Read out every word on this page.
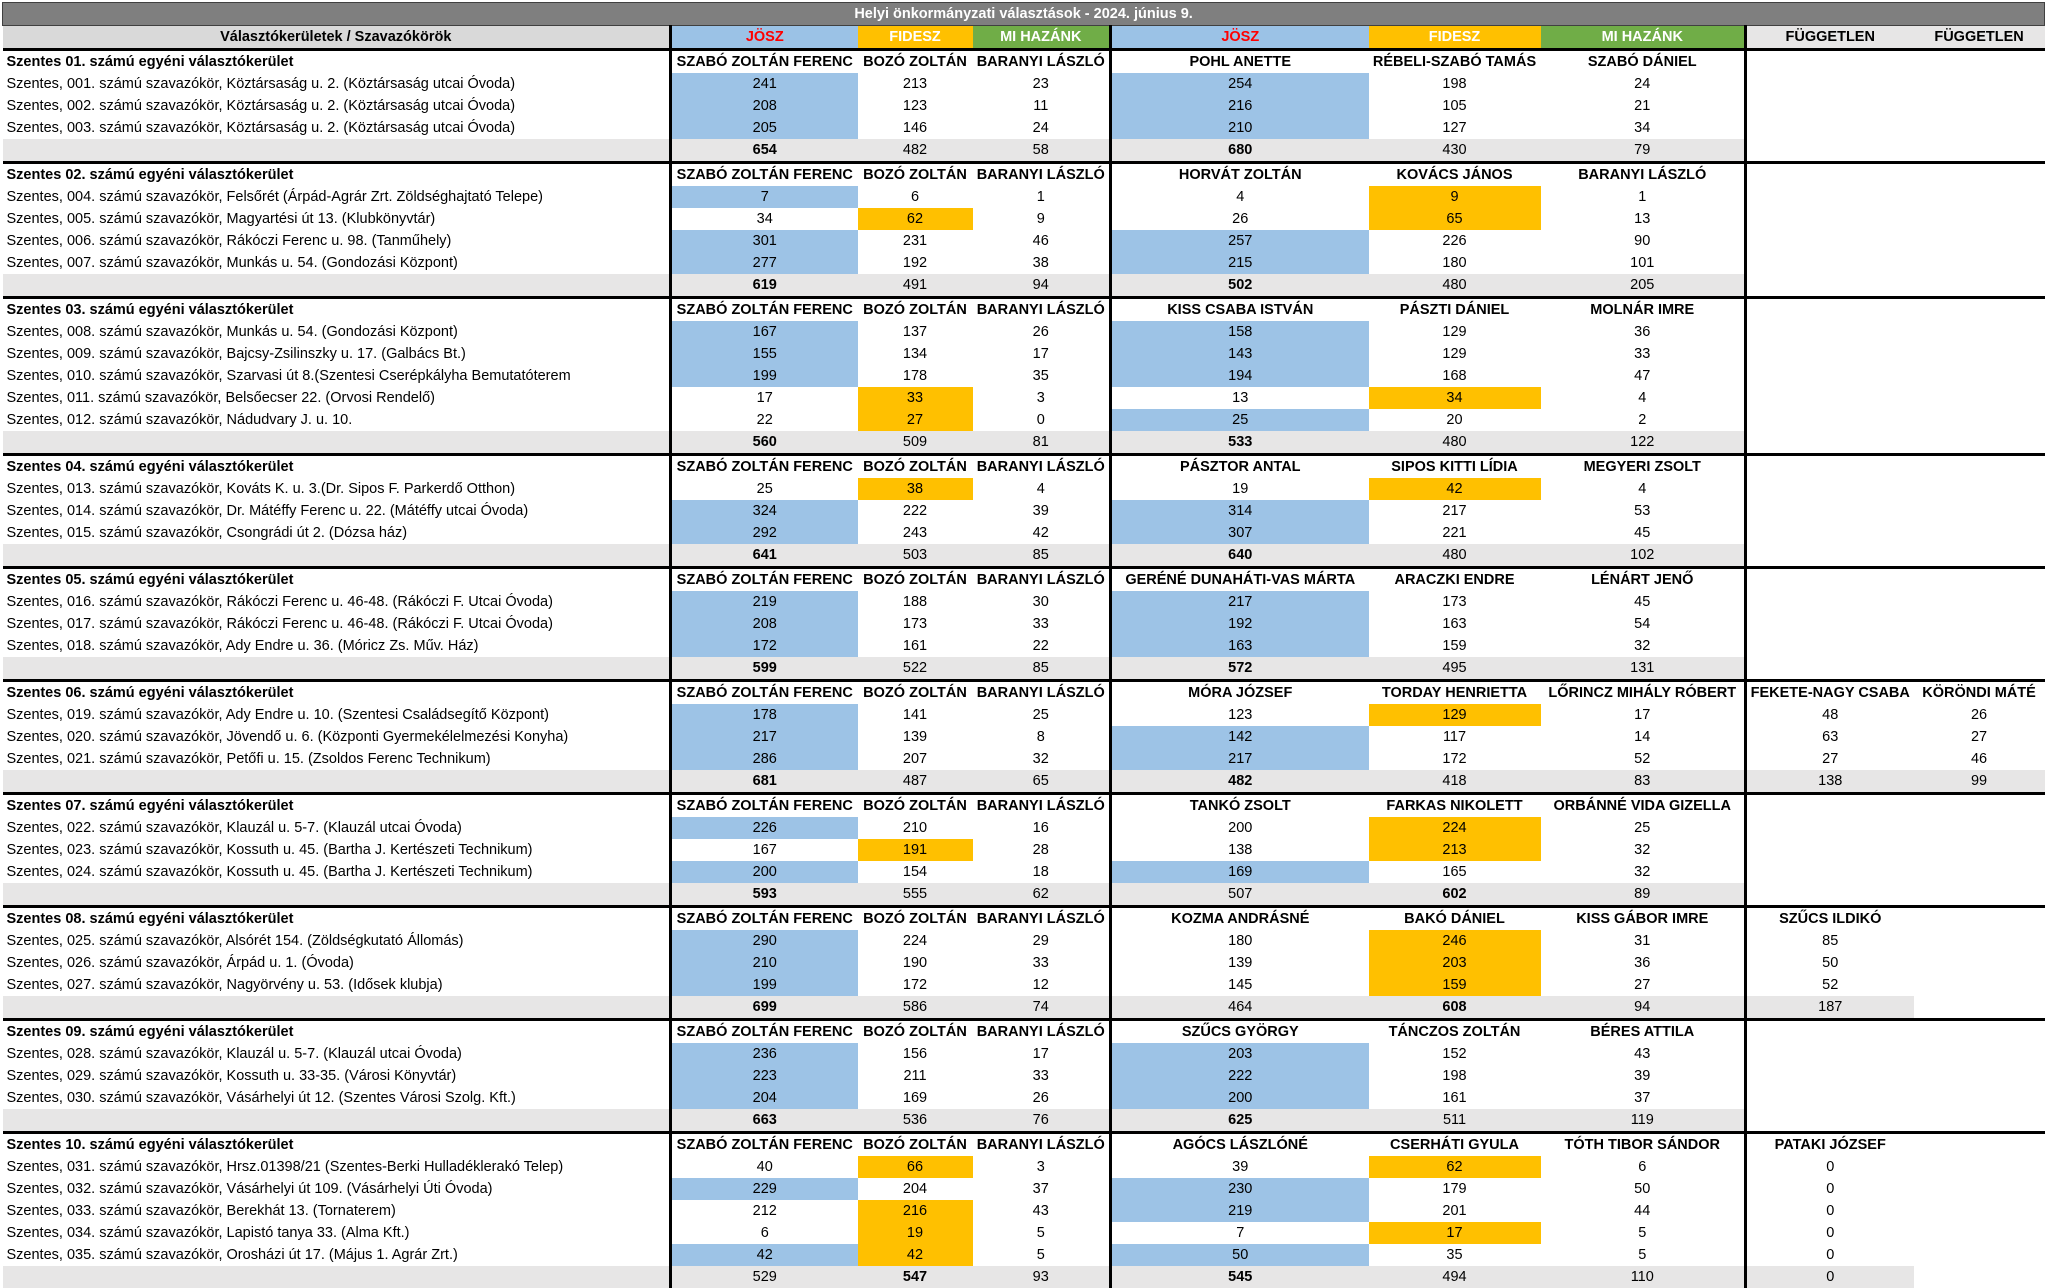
Helyi önkormányzati választások - 2024. június 9.								
Választókerületek / Szavazókörök	JÖSZ	FIDESZ	MI HAZÁNK	JÖSZ	FIDESZ	MI HAZÁNK	FÜGGETLEN	FÜGGETLEN
Szentes 01. számú egyéni választókerület	SZABÓ ZOLTÁN FERENC	BOZÓ ZOLTÁN	BARANYI LÁSZLÓ	POHL ANETTE	RÉBELI-SZABÓ TAMÁS	SZABÓ DÁNIEL		
Szentes, 001. számú szavazókör, Köztársaság u. 2. (Köztársaság utcai Óvoda)	241	213	23	254	198	24		
Szentes, 002. számú szavazókör, Köztársaság u. 2. (Köztársaság utcai Óvoda)	208	123	11	216	105	21		
Szentes, 003. számú szavazókör, Köztársaság u. 2. (Köztársaság utcai Óvoda)	205	146	24	210	127	34		
	654	482	58	680	430	79		
Szentes 02. számú egyéni választókerület	SZABÓ ZOLTÁN FERENC	BOZÓ ZOLTÁN	BARANYI LÁSZLÓ	HORVÁT ZOLTÁN	KOVÁCS JÁNOS	BARANYI LÁSZLÓ		
Szentes, 004. számú szavazókör, Felsőrét (Árpád-Agrár Zrt. Zöldséghajtató Telepe)	7	6	1	4	9	1		
Szentes, 005. számú szavazókör, Magyartési út 13. (Klubkönyvtár)	34	62	9	26	65	13		
Szentes, 006. számú szavazókör, Rákóczi Ferenc u. 98. (Tanműhely)	301	231	46	257	226	90		
Szentes, 007. számú szavazókör, Munkás u. 54. (Gondozási Központ)	277	192	38	215	180	101		
	619	491	94	502	480	205		
Szentes 03. számú egyéni választókerület	SZABÓ ZOLTÁN FERENC	BOZÓ ZOLTÁN	BARANYI LÁSZLÓ	KISS CSABA ISTVÁN	PÁSZTI DÁNIEL	MOLNÁR IMRE		
Szentes, 008. számú szavazókör, Munkás u. 54. (Gondozási Központ)	167	137	26	158	129	36		
Szentes, 009. számú szavazókör, Bajcsy-Zsilinszky u. 17. (Galbács Bt.)	155	134	17	143	129	33		
Szentes, 010. számú szavazókör, Szarvasi út 8.(Szentesi Cserépkályha Bemutatóterem	199	178	35	194	168	47		
Szentes, 011. számú szavazókör, Belsőecser 22. (Orvosi Rendelő)	17	33	3	13	34	4		
Szentes, 012. számú szavazókör, Nádudvary J. u. 10.	22	27	0	25	20	2		
	560	509	81	533	480	122		
Szentes 04. számú egyéni választókerület	SZABÓ ZOLTÁN FERENC	BOZÓ ZOLTÁN	BARANYI LÁSZLÓ	PÁSZTOR ANTAL	SIPOS KITTI LÍDIA	MEGYERI ZSOLT		
Szentes, 013. számú szavazókör, Kováts K. u. 3.(Dr. Sipos F. Parkerdő Otthon)	25	38	4	19	42	4		
Szentes, 014. számú szavazókör, Dr. Mátéffy Ferenc u. 22. (Mátéffy utcai Óvoda)	324	222	39	314	217	53		
Szentes, 015. számú szavazókör, Csongrádi út 2. (Dózsa ház)	292	243	42	307	221	45		
	641	503	85	640	480	102		
Szentes 05. számú egyéni választókerület	SZABÓ ZOLTÁN FERENC	BOZÓ ZOLTÁN	BARANYI LÁSZLÓ	GERÉNÉ DUNAHÁTI-VAS MÁRTA	ARACZKI ENDRE	LÉNÁRT JENŐ		
Szentes, 016. számú szavazókör, Rákóczi Ferenc u. 46-48. (Rákóczi F. Utcai Óvoda)	219	188	30	217	173	45		
Szentes, 017. számú szavazókör, Rákóczi Ferenc u. 46-48. (Rákóczi F. Utcai Óvoda)	208	173	33	192	163	54		
Szentes, 018. számú szavazókör, Ady Endre u. 36. (Móricz Zs. Műv. Ház)	172	161	22	163	159	32		
	599	522	85	572	495	131		
Szentes 06. számú egyéni választókerület	SZABÓ ZOLTÁN FERENC	BOZÓ ZOLTÁN	BARANYI LÁSZLÓ	MÓRA JÓZSEF	TORDAY HENRIETTA	LŐRINCZ MIHÁLY RÓBERT	FEKETE-NAGY CSABA	KÖRÖNDI MÁTÉ
Szentes, 019. számú szavazókör, Ady Endre u. 10. (Szentesi Családsegítő Központ)	178	141	25	123	129	17	48	26
Szentes, 020. számú szavazókör, Jövendő u. 6. (Központi Gyermekélelmezési Konyha)	217	139	8	142	117	14	63	27
Szentes, 021. számú szavazókör, Petőfi u. 15. (Zsoldos Ferenc Technikum)	286	207	32	217	172	52	27	46
	681	487	65	482	418	83	138	99
Szentes 07. számú egyéni választókerület	SZABÓ ZOLTÁN FERENC	BOZÓ ZOLTÁN	BARANYI LÁSZLÓ	TANKÓ ZSOLT	FARKAS NIKOLETT	ORBÁNNÉ VIDA GIZELLA		
Szentes, 022. számú szavazókör, Klauzál u. 5-7. (Klauzál utcai Óvoda)	226	210	16	200	224	25		
Szentes, 023. számú szavazókör, Kossuth u. 45. (Bartha J. Kertészeti Technikum)	167	191	28	138	213	32		
Szentes, 024. számú szavazókör, Kossuth u. 45. (Bartha J. Kertészeti Technikum)	200	154	18	169	165	32		
	593	555	62	507	602	89		
Szentes 08. számú egyéni választókerület	SZABÓ ZOLTÁN FERENC	BOZÓ ZOLTÁN	BARANYI LÁSZLÓ	KOZMA ANDRÁSNÉ	BAKÓ DÁNIEL	KISS GÁBOR IMRE	SZŰCS ILDIKÓ	
Szentes, 025. számú szavazókör, Alsórét 154. (Zöldségkutató Állomás)	290	224	29	180	246	31	85	
Szentes, 026. számú szavazókör, Árpád u. 1. (Óvoda)	210	190	33	139	203	36	50	
Szentes, 027. számú szavazókör, Nagyörvény u. 53. (Idősek klubja)	199	172	12	145	159	27	52	
	699	586	74	464	608	94	187	
Szentes 09. számú egyéni választókerület	SZABÓ ZOLTÁN FERENC	BOZÓ ZOLTÁN	BARANYI LÁSZLÓ	SZŰCS GYÖRGY	TÁNCZOS ZOLTÁN	BÉRES ATTILA		
Szentes, 028. számú szavazókör, Klauzál u. 5-7. (Klauzál utcai Óvoda)	236	156	17	203	152	43		
Szentes, 029. számú szavazókör, Kossuth u. 33-35. (Városi Könyvtár)	223	211	33	222	198	39		
Szentes, 030. számú szavazókör, Vásárhelyi út 12. (Szentes Városi Szolg. Kft.)	204	169	26	200	161	37		
	663	536	76	625	511	119		
Szentes 10. számú egyéni választókerület	SZABÓ ZOLTÁN FERENC	BOZÓ ZOLTÁN	BARANYI LÁSZLÓ	AGÓCS LÁSZLÓNÉ	CSERHÁTI GYULA	TÓTH TIBOR SÁNDOR	PATAKI JÓZSEF	
Szentes, 031. számú szavazókör, Hrsz.01398/21 (Szentes-Berki Hulladéklerakó Telep)	40	66	3	39	62	6	0	
Szentes, 032. számú szavazókör, Vásárhelyi út 109. (Vásárhelyi Úti Óvoda)	229	204	37	230	179	50	0	
Szentes, 033. számú szavazókör, Berekhát 13. (Tornaterem)	212	216	43	219	201	44	0	
Szentes, 034. számú szavazókör, Lapistó tanya 33. (Alma Kft.)	6	19	5	7	17	5	0	
Szentes, 035. számú szavazókör, Orosházi út 17. (Május 1. Agrár Zrt.)	42	42	5	50	35	5	0	
	529	547	93	545	494	110	0	
